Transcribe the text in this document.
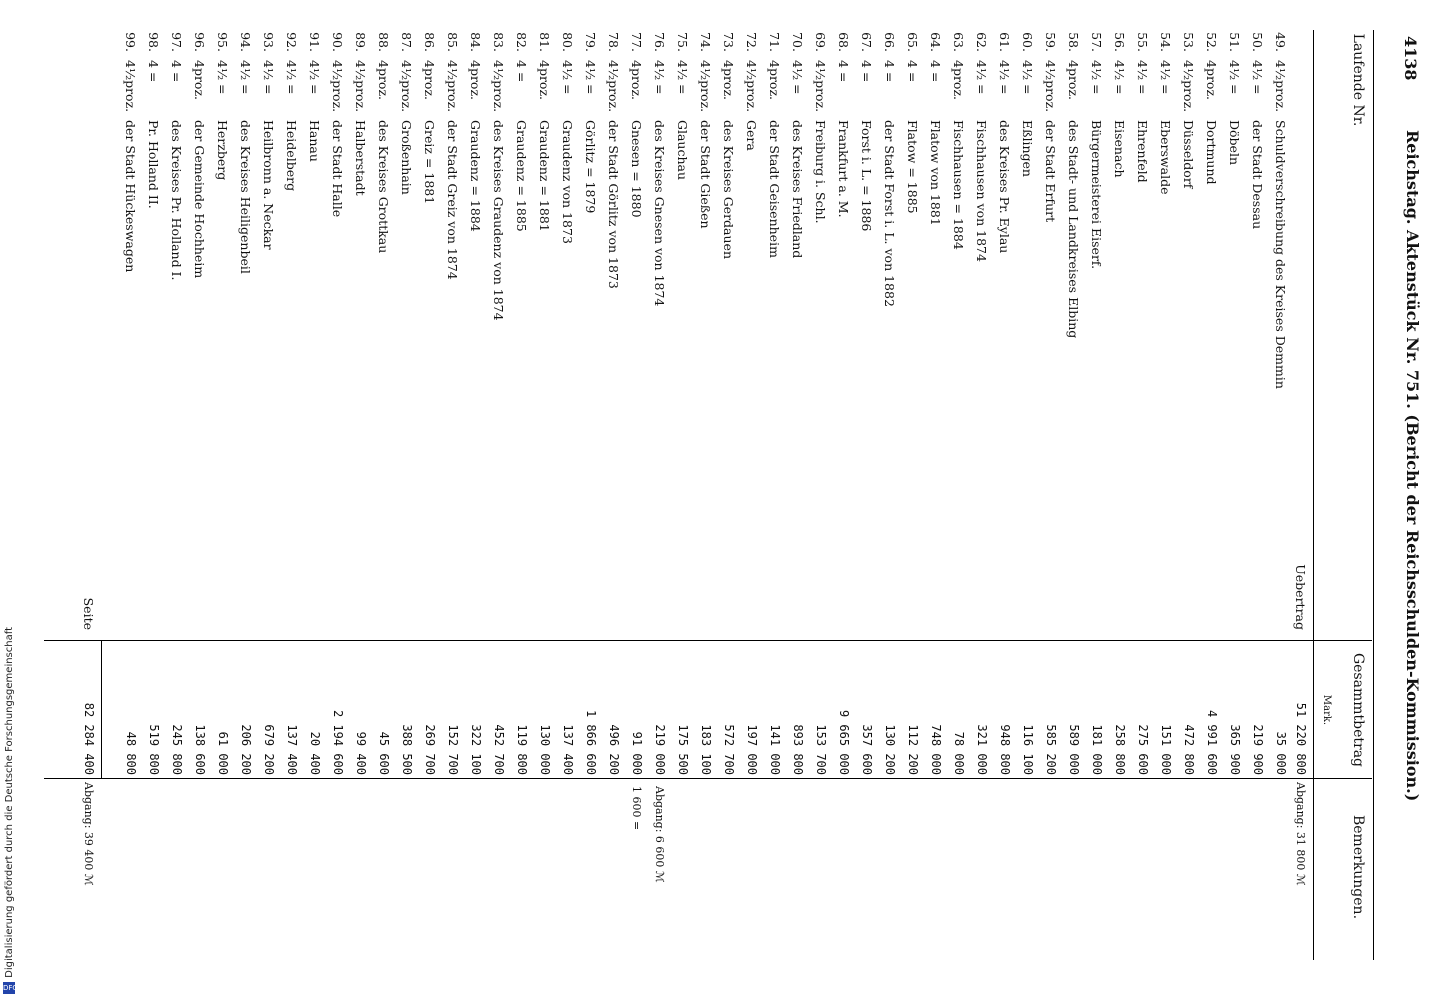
4138
Reichstag. Aktenstück Nr. 751. (Bericht der Reichsschulden-Kommission.)
Laufende Nr.
Gesammtbetrag
Mark.
Bemerkungen.
Uebertrag
51 220 800
Abgang: 31 800 ℳ
49.
4½proz.
Schuldverschreibung des Kreises Demmin
35 000
50.
4½ =
der Stadt Dessau
219 900
51.
4½ =
Döbeln
365 900
52.
4proz.
Dortmund
4 991 600
53.
4½proz.
Düsseldorf
472 800
54.
4½ =
Eberswalde
151 000
55.
4½ =
Ehrenfeld
275 600
56.
4½ =
Eisenach
258 800
57.
4½ =
Bürgermeisterei Eiserf.
181 000
58.
4proz.
des Stadt- und Landkreises Elbing
589 000
59.
4½proz.
der Stadt Erfurt
585 200
60.
4½ =
Eßlingen
116 100
61.
4½ =
des Kreises Pr. Eylau
948 800
62.
4½ =
Fischhausen von 1874
321 000
63.
4proz.
Fischhausen = 1884
78 000
64.
4 =
Flatow von 1881
748 000
65.
4 =
Flatow = 1885
112 200
66.
4 =
der Stadt Forst i. L. von 1882
130 200
67.
4 =
Forst i. L. = 1886
357 600
68.
4 =
Frankfurt a. M.
9 665 000
69.
4½proz.
Freiburg i. Schl.
153 700
70.
4½ =
des Kreises Friedland
893 800
71.
4proz.
der Stadt Geisenheim
141 000
72.
4½proz.
Gera
197 000
73.
4proz.
des Kreises Gerdauen
572 700
74.
4½proz.
der Stadt Gießen
183 100
75.
4½ =
Glauchau
175 500
76.
4½ =
des Kreises Gnesen von 1874
219 000
Abgang: 6 600 ℳ
77.
4proz.
Gnesen = 1880
91 000
1 600 =
78.
4½proz.
der Stadt Görlitz von 1873
496 200
79.
4½ =
Görlitz = 1879
1 866 600
80.
4½ =
Graudenz von 1873
137 400
81.
4proz.
Graudenz = 1881
130 000
82.
4 =
Graudenz = 1885
119 800
83.
4½proz.
des Kreises Graudenz von 1874
452 700
84.
4proz.
Graudenz = 1884
322 100
85.
4½proz.
der Stadt Greiz von 1874
152 700
86.
4proz.
Greiz = 1881
269 700
87.
4½proz.
Großenhain
388 500
88.
4proz.
des Kreises Grottkau
45 600
89.
4½proz.
Halberstadt
99 400
90.
4½proz.
der Stadt Halle
2 194 600
91.
4½ =
Hanau
20 400
92.
4½ =
Heidelberg
137 400
93.
4½ =
Heilbronn a. Neckar
679 200
94.
4½ =
des Kreises Heiligenbeil
206 200
95.
4½ =
Herzberg
61 000
96.
4proz.
der Gemeinde Hochheim
138 600
97.
4 =
des Kreises Pr. Holland I.
245 800
98.
4 =
Pr. Holland II.
519 800
99.
4½proz.
der Stadt Hückeswagen
48 800
Seite
82 284 400
Abgang: 39 400 ℳ
Digitalisierung gefördert durch die Deutsche Forschungsgemeinschaft
DFG
